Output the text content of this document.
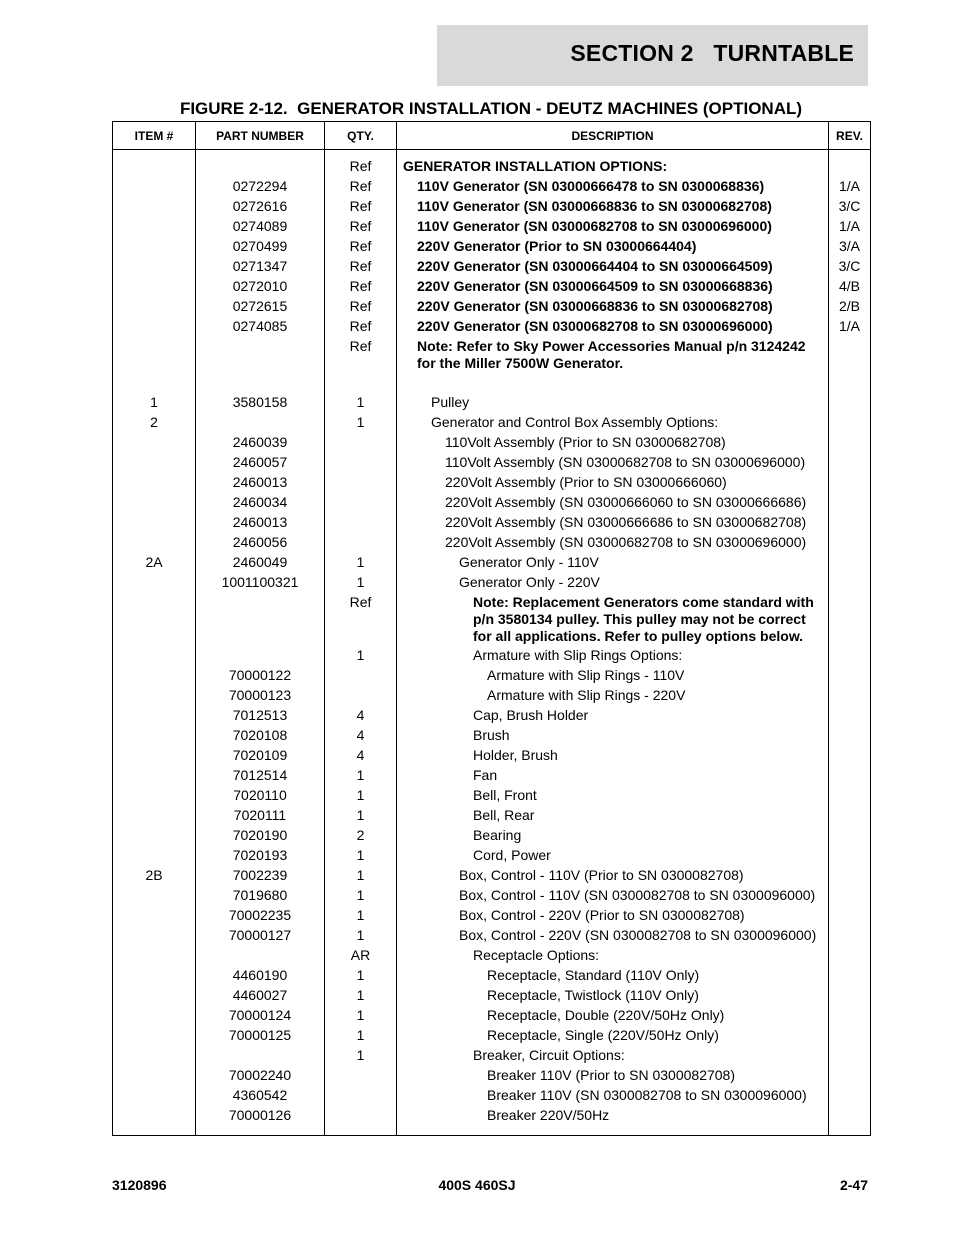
SECTION 2   TURNTABLE
FIGURE 2-12.  GENERATOR INSTALLATION - DEUTZ MACHINES (OPTIONAL)
ITEM #	PART NUMBER	QTY.	DESCRIPTION	REV.
		Ref	GENERATOR INSTALLATION OPTIONS:	
	0272294	Ref	110V Generator (SN 03000666478 to SN 0300068836)	1/A
	0272616	Ref	110V Generator (SN 03000668836 to SN 03000682708)	3/C
	0274089	Ref	110V Generator (SN 03000682708 to SN 03000696000)	1/A
	0270499	Ref	220V Generator (Prior to SN 03000664404)	3/A
	0271347	Ref	220V Generator (SN 03000664404 to SN 03000664509)	3/C
	0272010	Ref	220V Generator (SN 03000664509 to SN 03000668836)	4/B
	0272615	Ref	220V Generator (SN 03000668836 to SN 03000682708)	2/B
	0274085	Ref	220V Generator (SN 03000682708 to SN 03000696000)	1/A
		Ref	Note: Refer to Sky Power Accessories Manual p/n 3124242 for the Miller 7500W Generator.	

1	3580158	1	Pulley	
2		1	Generator and Control Box Assembly Options:	
	2460039		110Volt Assembly (Prior to SN 03000682708)	
	2460057		110Volt Assembly (SN 03000682708 to SN 03000696000)	
	2460013		220Volt Assembly (Prior to SN 03000666060)	
	2460034		220Volt Assembly (SN 03000666060 to SN 03000666686)	
	2460013		220Volt Assembly (SN 03000666686 to SN 03000682708)	
	2460056		220Volt Assembly (SN 03000682708 to SN 03000696000)	
2A	2460049	1	Generator Only - 110V	
	1001100321	1	Generator Only - 220V	
		Ref	Note: Replacement Generators come standard with p/n 3580134 pulley. This pulley may not be correct for all applications. Refer to pulley options below.	
		1	Armature with Slip Rings Options:	
	70000122		Armature with Slip Rings - 110V	
	70000123		Armature with Slip Rings - 220V	
	7012513	4	Cap, Brush Holder	
	7020108	4	Brush	
	7020109	4	Holder, Brush	
	7012514	1	Fan	
	7020110	1	Bell, Front	
	7020111	1	Bell, Rear	
	7020190	2	Bearing	
	7020193	1	Cord, Power	
2B	7002239	1	Box, Control - 110V (Prior to SN 0300082708)	
	7019680	1	Box, Control - 110V (SN 0300082708 to SN 0300096000)	
	70002235	1	Box, Control - 220V (Prior to SN 0300082708)	
	70000127	1	Box, Control - 220V (SN 0300082708 to SN 0300096000)	
		AR	Receptacle Options:	
	4460190	1	Receptacle, Standard (110V Only)	
	4460027	1	Receptacle, Twistlock (110V Only)	
	70000124	1	Receptacle, Double (220V/50Hz Only)	
	70000125	1	Receptacle, Single (220V/50Hz Only)	
		1	Breaker, Circuit Options:	
	70002240		Breaker 110V (Prior to SN 0300082708)	
	4360542		Breaker 110V (SN 0300082708 to SN 0300096000)	
	70000126		Breaker 220V/50Hz	
3120896	400S 460SJ	2-47
